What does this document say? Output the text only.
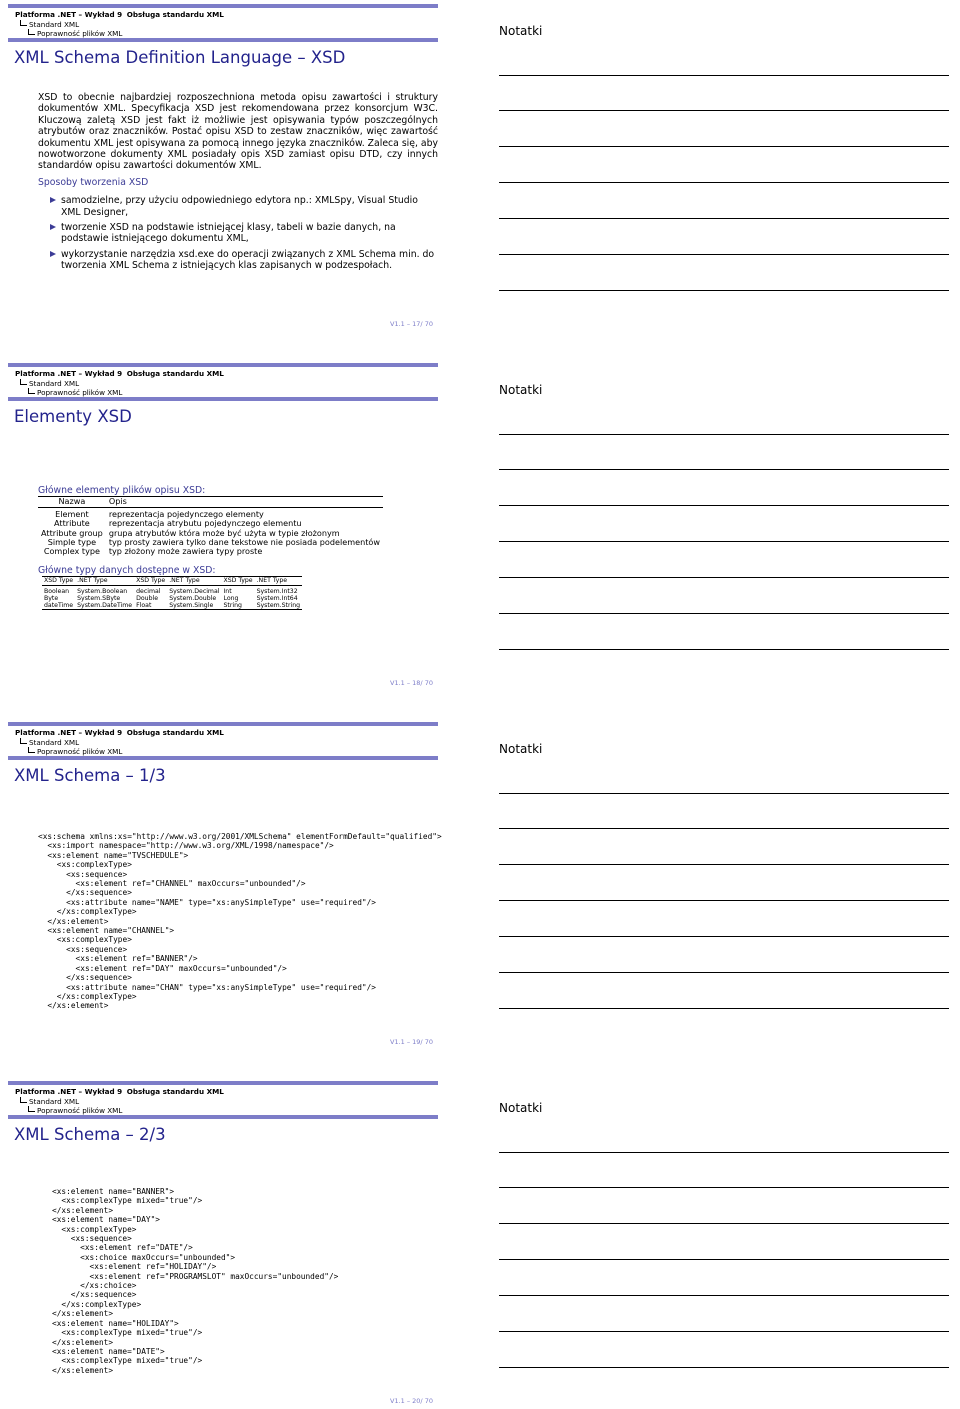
Platforma .NET – Wykład 9 Obsługa standardu XML
Standard XML
Poprawność plików XML
XML Schema Definition Language – XSD
XSD to obecnie najbardziej rozposzechniona metoda opisu zawartości i struktury dokumentów XML. Specyfikacja XSD jest rekomendowana przez konsorcjum W3C. Kluczową zaletą XSD jest fakt iż możliwie jest opisywania typów poszczególnych atrybutów oraz znaczników. Postać opisu XSD to zestaw znaczników, więc zawartość dokumentu XML jest opisywana za pomocą innego języka znaczników. Zaleca się, aby nowotworzone dokumenty XML posiadały opis XSD zamiast opisu DTD, czy innych standardów opisu zawartości dokumentów XML.
Sposoby tworzenia XSD
samodzielne, przy użyciu odpowiedniego edytora np.: XMLSpy, Visual Studio XML Designer,
tworzenie XSD na podstawie istniejącej klasy, tabeli w bazie danych, na podstawie istniejącego dokumentu XML,
wykorzystanie narzędzia xsd.exe do operacji związanych z XML Schema min. do tworzenia XML Schema z istniejących klas zapisanych w podzespołach.
V1.1 – 17/ 70
Notatki
Platforma .NET – Wykład 9 Obsługa standardu XML
Standard XML
Poprawność plików XML
Elementy XSD
Główne elementy plików opisu XSD:
Nazwa	Opis
Element	reprezentacja pojedynczego elementy
Attribute	reprezentacja atrybutu pojedynczego elementu
Attribute group	grupa atrybutów która może być użyta w typie złożonym
Simple type	typ prosty zawiera tylko dane tekstowe nie posiada podelementów
Complex type	typ złożony może zawiera typy proste
Główne typy danych dostępne w XSD:
XSD Type	.NET Type	XSD Type	.NET Type	XSD Type	.NET Type
Boolean	System.Boolean	decimal	System.Decimal	Int	System.Int32
Byte	System.SByte	Double	System.Double	Long	System.Int64
dateTime	System.DateTime	Float	System.Single	String	System.String
V1.1 – 18/ 70
Notatki
Platforma .NET – Wykład 9 Obsługa standardu XML
Standard XML
Poprawność plików XML
XML Schema – 1/3
<xs:schema xmlns:xs="http://www.w3.org/2001/XMLSchema" elementFormDefault="qualified">
<xs:import namespace="http://www.w3.org/XML/1998/namespace"/>
<xs:element name="TVSCHEDULE">
<xs:complexType>
<xs:sequence>
<xs:element ref="CHANNEL" maxOccurs="unbounded"/>
</xs:sequence>
<xs:attribute name="NAME" type="xs:anySimpleType" use="required"/>
</xs:complexType>
</xs:element>
<xs:element name="CHANNEL">
<xs:complexType>
<xs:sequence>
<xs:element ref="BANNER"/>
<xs:element ref="DAY" maxOccurs="unbounded"/>
</xs:sequence>
<xs:attribute name="CHAN" type="xs:anySimpleType" use="required"/>
</xs:complexType>
</xs:element>
V1.1 – 19/ 70
Notatki
Platforma .NET – Wykład 9 Obsługa standardu XML
Standard XML
Poprawność plików XML
XML Schema – 2/3
<xs:element name="BANNER">
<xs:complexType mixed="true"/>
</xs:element>
<xs:element name="DAY">
<xs:complexType>
<xs:sequence>
<xs:element ref="DATE"/>
<xs:choice maxOccurs="unbounded">
<xs:element ref="HOLIDAY"/>
<xs:element ref="PROGRAMSLOT" maxOccurs="unbounded"/>
</xs:choice>
</xs:sequence>
</xs:complexType>
</xs:element>
<xs:element name="HOLIDAY">
<xs:complexType mixed="true"/>
</xs:element>
<xs:element name="DATE">
<xs:complexType mixed="true"/>
</xs:element>
V1.1 – 20/ 70
Notatki
